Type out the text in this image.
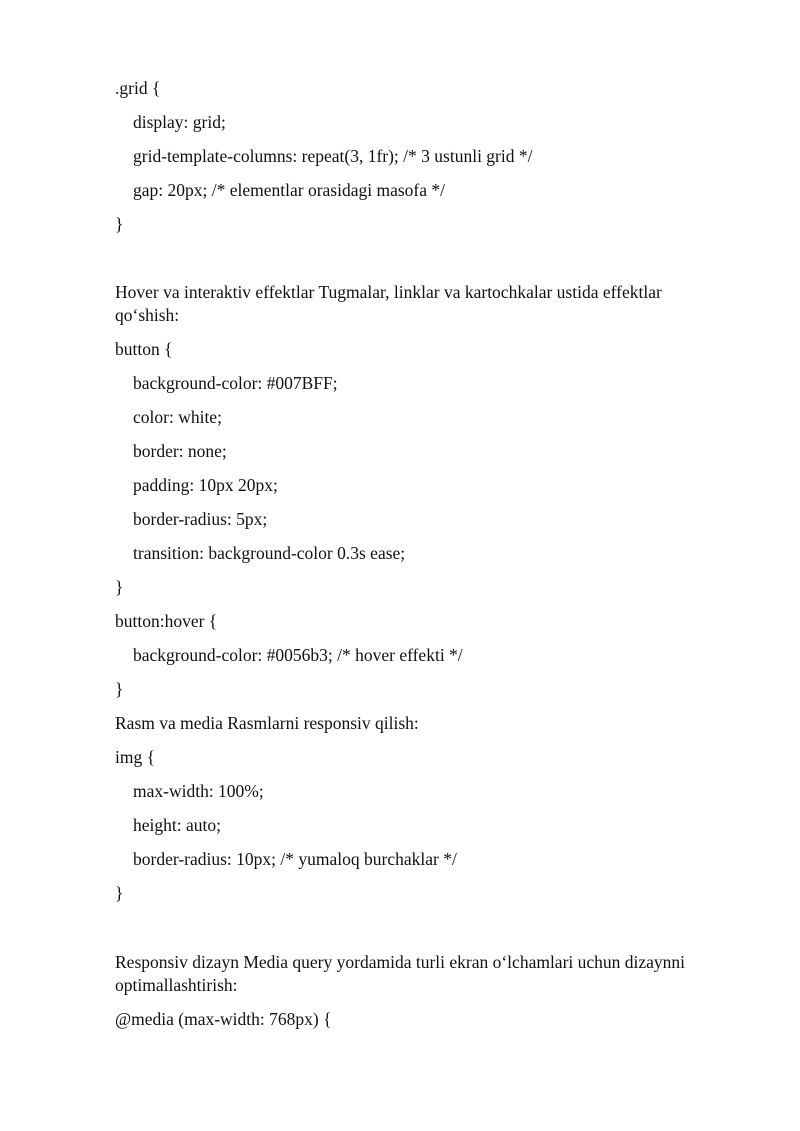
.grid {
display: grid;
grid-template-columns: repeat(3, 1fr); /* 3 ustunli grid */
gap: 20px; /* elementlar orasidagi masofa */
}
Hover va interaktiv effektlar Tugmalar, linklar va kartochkalar ustida effektlar
qo‘shish:
button {
background-color: #007BFF;
color: white;
border: none;
padding: 10px 20px;
border-radius: 5px;
transition: background-color 0.3s ease;
}
button:hover {
background-color: #0056b3; /* hover effekti */
}
Rasm va media Rasmlarni responsiv qilish:
img {
max-width: 100%;
height: auto;
border-radius: 10px; /* yumaloq burchaklar */
}
Responsiv dizayn Media query yordamida turli ekran o‘lchamlari uchun dizaynni
optimallashtirish:
@media (max-width: 768px) {
